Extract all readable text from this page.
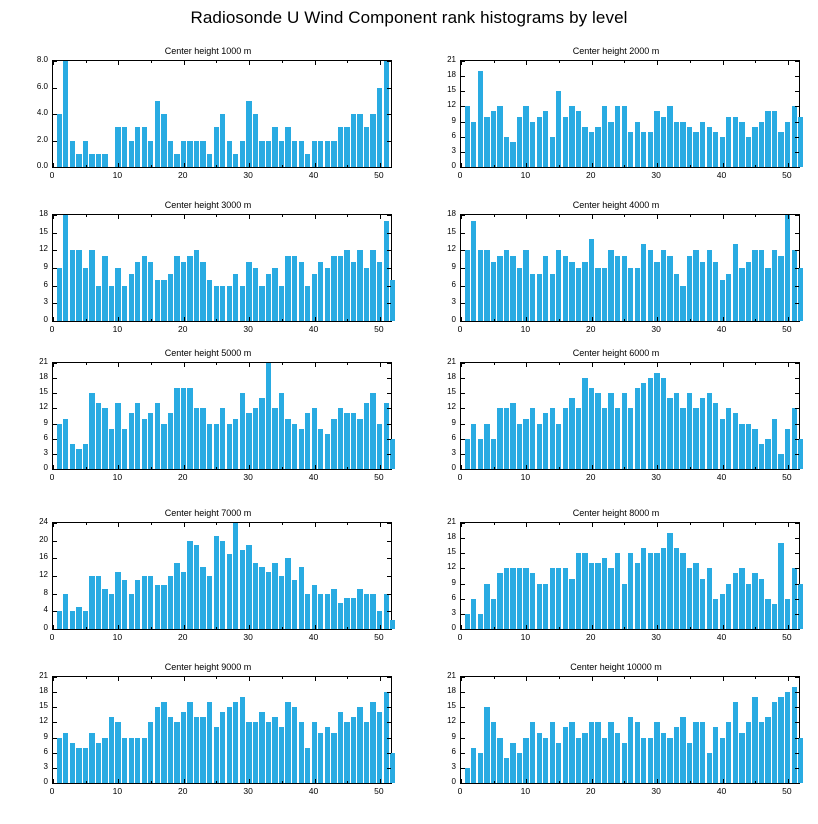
Radiosonde U Wind Component rank histograms by level
Center height 1000 m
0.0
2.0
4.0
6.0
8.0
0	10	20	30	40	50
Center height 2000 m
0
3
6
9
12
15
18
21
0	10	20	30	40	50
Center height 3000 m
0
3
6
9
12
15
18
0	10	20	30	40	50
Center height 4000 m
0
3
6
9
12
15
18
0	10	20	30	40	50
Center height 5000 m
0
3
6
9
12
15
18
21
0	10	20	30	40	50
Center height 6000 m
0
3
6
9
12
15
18
21
0	10	20	30	40	50
Center height 7000 m
0
4
8
12
16
20
24
0	10	20	30	40	50
Center height 8000 m
0
3
6
9
12
15
18
21
0	10	20	30	40	50
Center height 9000 m
0
3
6
9
12
15
18
21
0	10	20	30	40	50
Center height 10000 m
0
3
6
9
12
15
18
21
0	10	20	30	40	50
